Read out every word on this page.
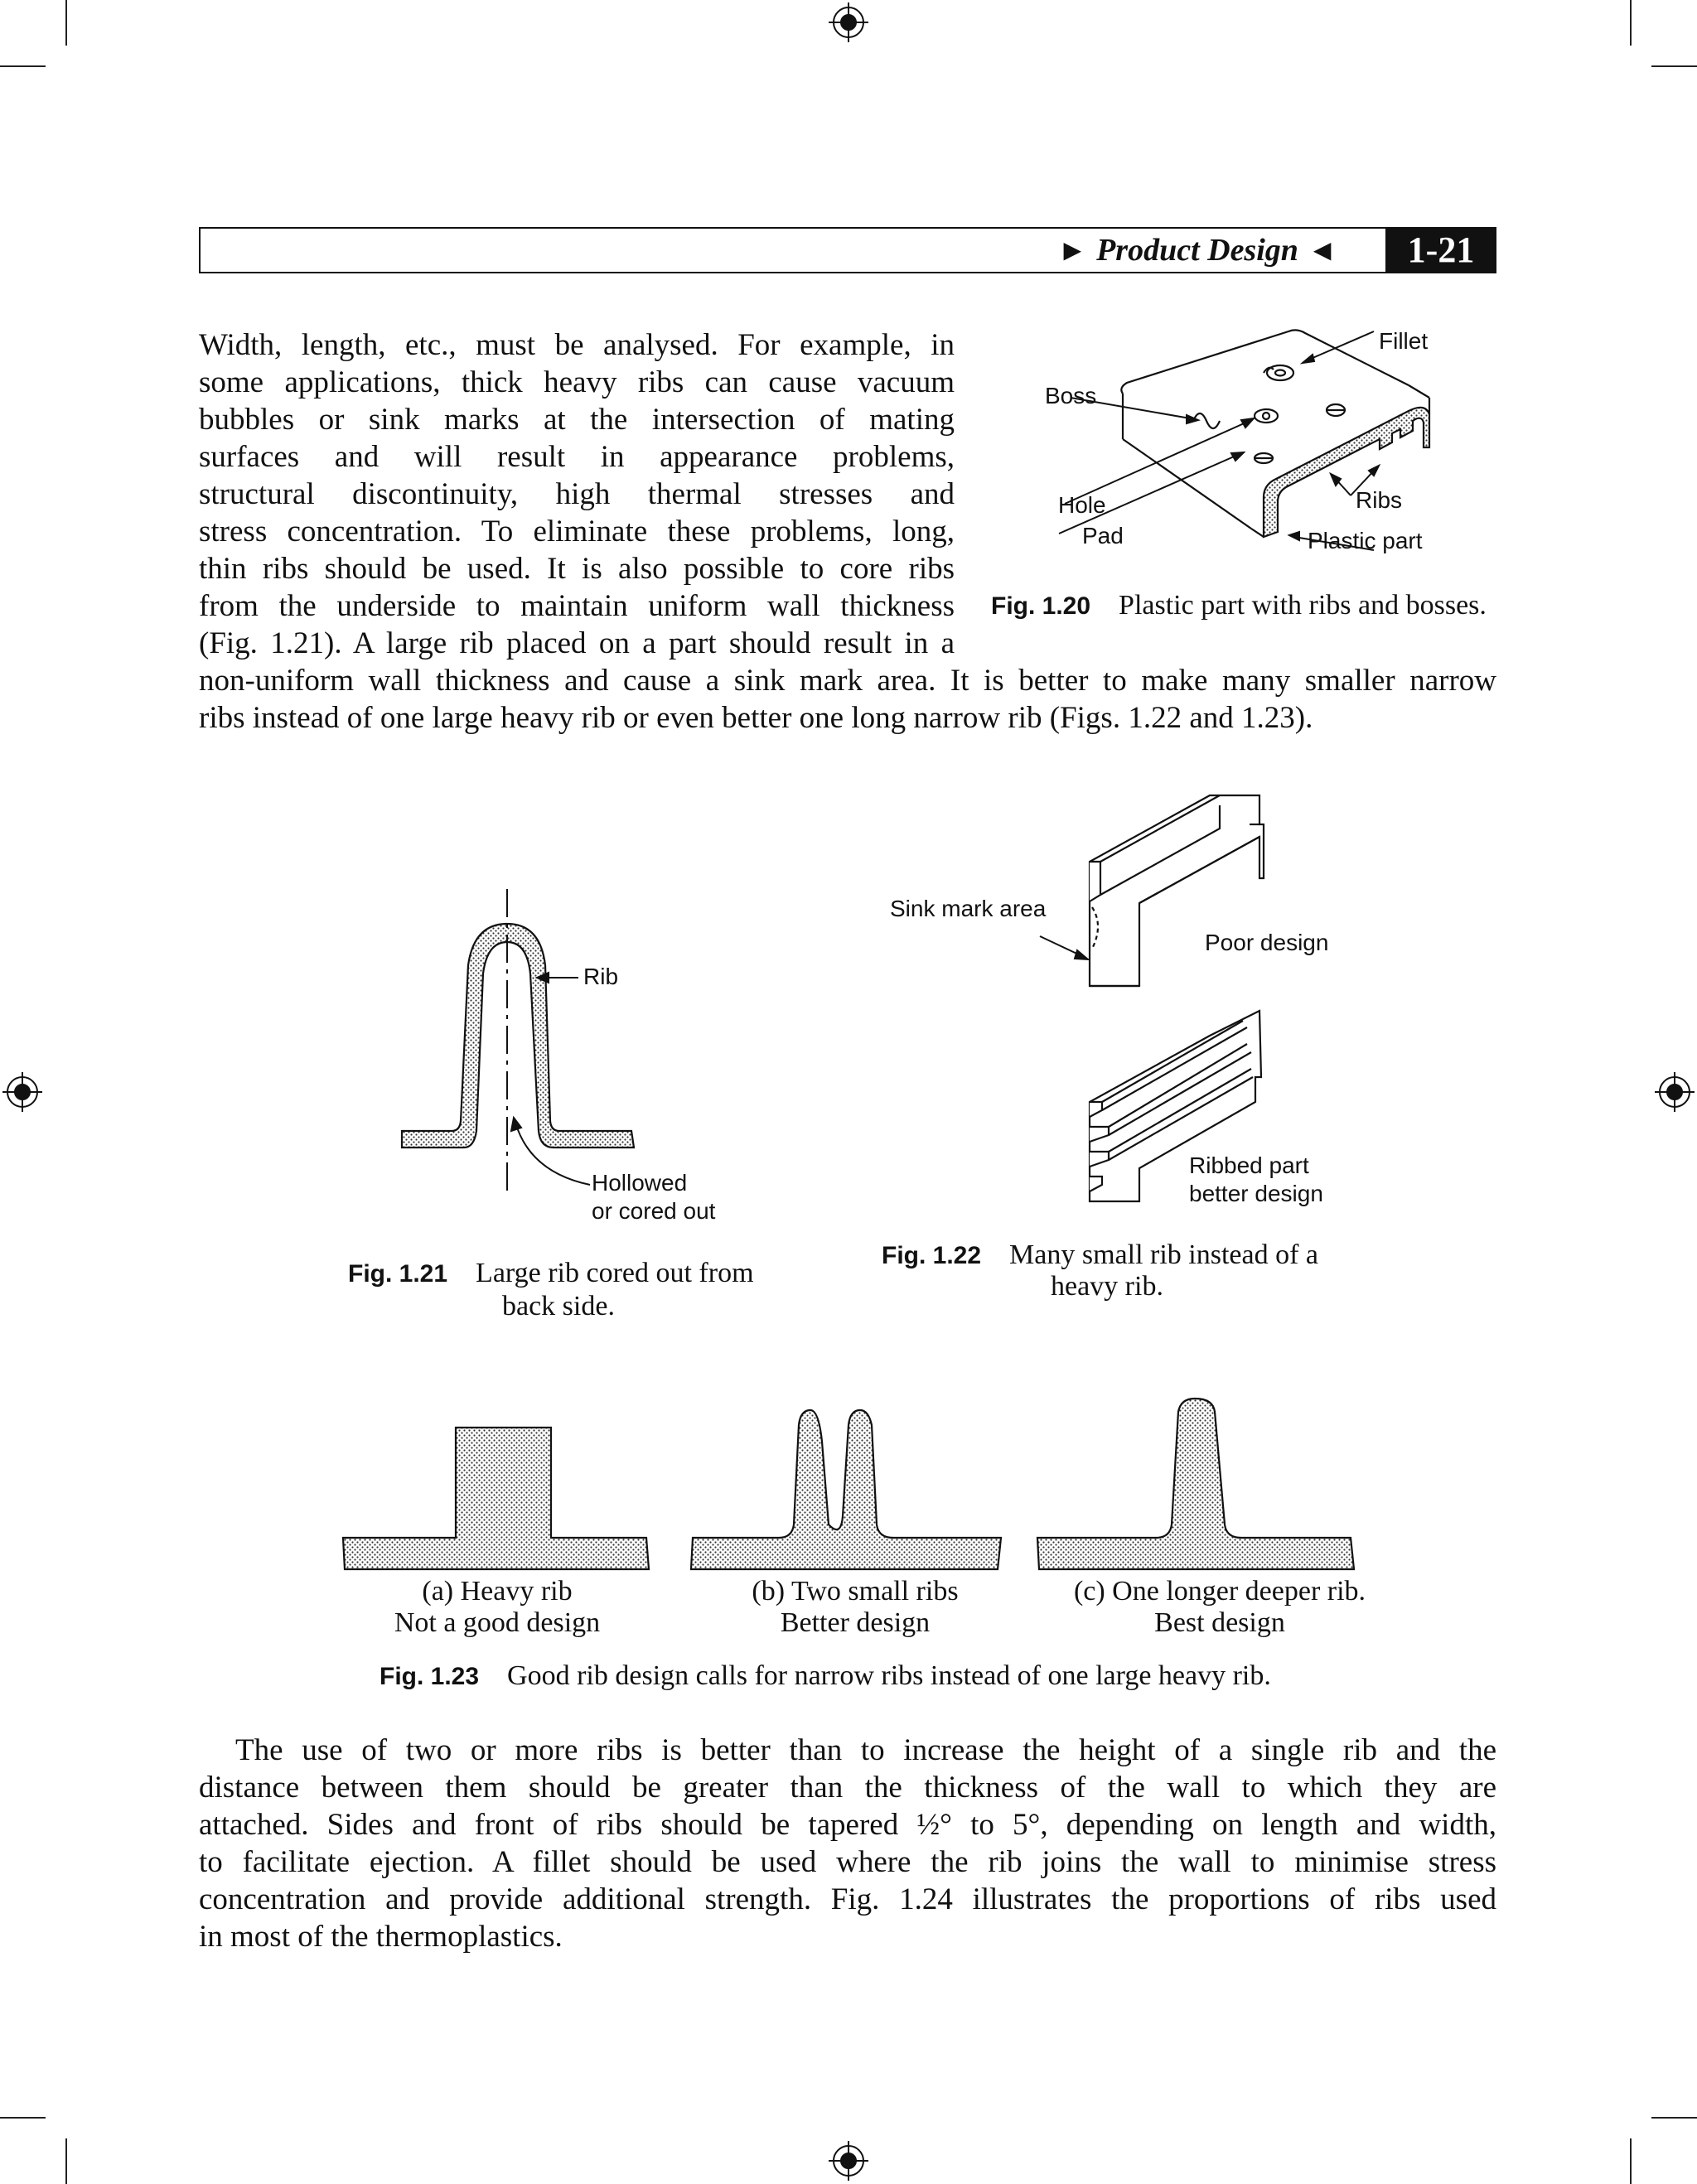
▶ Product Design ◀	1-21
Width, length, etc., must be analysed. For example, in
some applications, thick heavy ribs can cause vacuum
bubbles or sink marks at the intersection of mating
surfaces and will result in appearance problems,
structural discontinuity, high thermal stresses and
stress concentration. To eliminate these problems, long,
thin ribs should be used. It is also possible to core ribs
from the underside to maintain uniform wall thickness
(Fig. 1.21). A large rib placed on a part should result in a
non-uniform wall thickness and cause a sink mark area. It is better to make many smaller narrow
ribs instead of one large heavy rib or even better one long narrow rib (Figs. 1.22 and 1.23).
Fillet
Boss
Hole
Pad
Ribs
Plastic part
Fig. 1.20 Plastic part with ribs and bosses.
Rib
Hollowed
or cored out
Fig. 1.21 Large rib cored out from
back side.
Sink mark area
Poor design
Ribbed part
better design
Fig. 1.22 Many small rib instead of a
heavy rib.
(a) Heavy rib
Not a good design
(b) Two small ribs
Better design
(c) One longer deeper rib.
Best design
Fig. 1.23 Good rib design calls for narrow ribs instead of one large heavy rib.
The use of two or more ribs is better than to increase the height of a single rib and the
distance between them should be greater than the thickness of the wall to which they are
attached. Sides and front of ribs should be tapered ½° to 5°, depending on length and width,
to facilitate ejection. A fillet should be used where the rib joins the wall to minimise stress
concentration and provide additional strength. Fig. 1.24 illustrates the proportions of ribs used
in most of the thermoplastics.
